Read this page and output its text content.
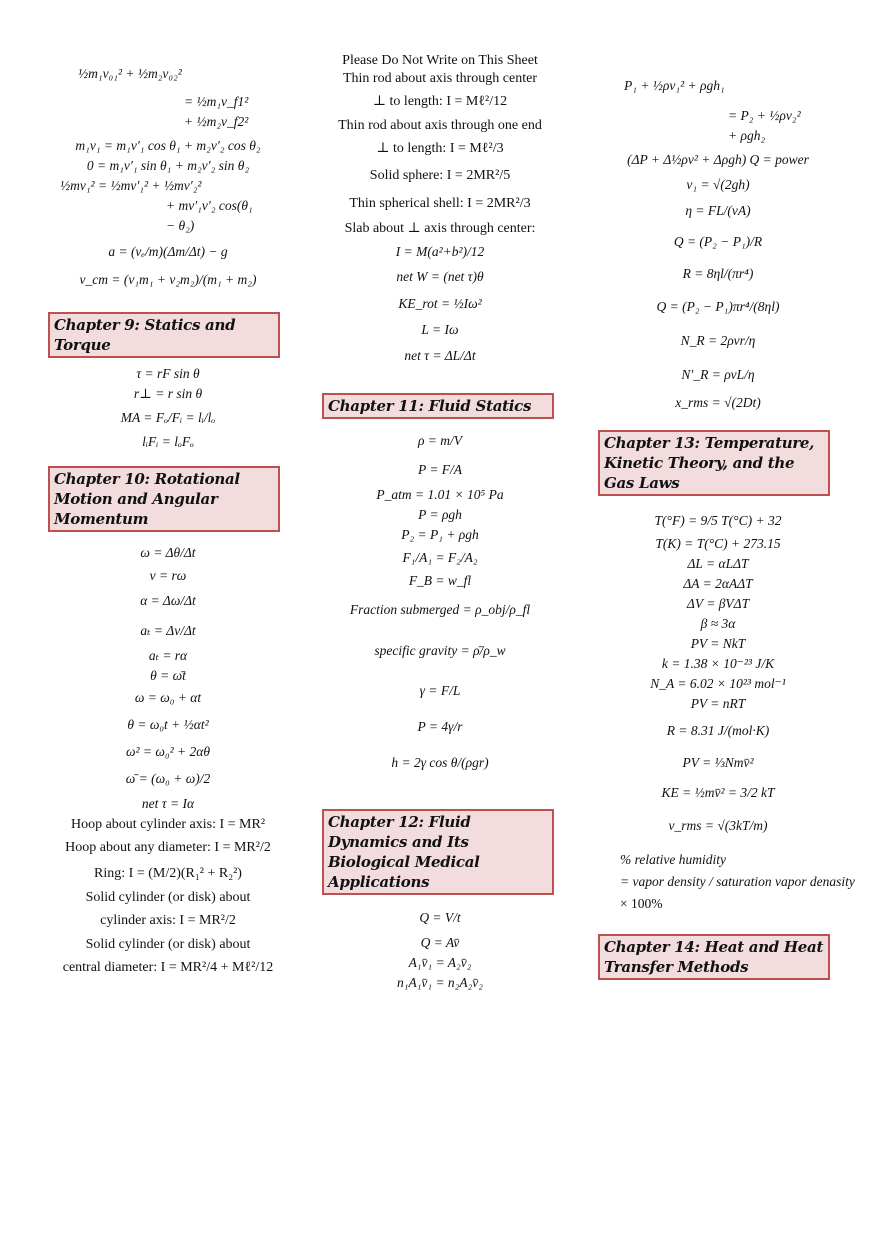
Please Do Not Write on This Sheet
½m₁v₀₁² + ½m₂v₀₂²
= ½m₁v_f1²
+ ½m₂v_f2²
m₁v₁ = m₁v′₁ cos θ₁ + m₂v′₂ cos θ₂
0 = m₁v′₁ sin θ₁ + m₂v′₂ sin θ₂
½mv₁² = ½mv′₁² + ½mv′₂²
+ mv′₁v′₂ cos(θ₁
− θ₂)
a = (vₑ/m)(Δm/Δt) − g
v_cm = (v₁m₁ + v₂m₂)/(m₁ + m₂)
Chapter 9: Statics and Torque
τ = rF sin θ
r⊥ = r sin θ
MA = Fₒ/Fᵢ = lᵢ/lₒ
lᵢFᵢ = lₒFₒ
Chapter 10: Rotational Motion and Angular Momentum
ω = Δθ/Δt
v = rω
α = Δω/Δt
aₜ = Δv/Δt
aₜ = rα
θ = ω̄t
ω = ω₀ + αt
θ = ω₀t + ½αt²
ω² = ω₀² + 2αθ
ω̄ = (ω₀ + ω)/2
net τ = Iα
Hoop about cylinder axis: I = MR²
Hoop about any diameter: I = MR²/2
Ring: I = (M/2)(R₁² + R₂²)
Solid cylinder (or disk) about
cylinder axis: I = MR²/2
Solid cylinder (or disk) about
central diameter: I = MR²/4 + Mℓ²/12
Thin rod about axis through center
⊥ to length: I = Mℓ²/12
Thin rod about axis through one end
⊥ to length: I = Mℓ²/3
Solid sphere: I = 2MR²/5
Thin spherical shell: I = 2MR²/3
Slab about ⊥ axis through center:
I = M(a²+b²)/12
net W = (net τ)θ
KE_rot = ½Iω²
L = Iω
net τ = ΔL/Δt
Chapter 11: Fluid Statics
ρ = m/V
P = F/A
P_atm = 1.01 × 10⁵ Pa
P = ρgh
P₂ = P₁ + ρgh
F₁/A₁ = F₂/A₂
F_B = w_fl
Fraction submerged = ρ_obj/ρ_fl
specific gravity = ρ̄/ρ_w
γ = F/L
P = 4γ/r
h = 2γ cos θ/(ρgr)
Chapter 12: Fluid Dynamics and Its Biological Medical Applications
Q = V/t
Q = Av̄
A₁v̄₁ = A₂v̄₂
n₁A₁v̄₁ = n₂A₂v̄₂
P₁ + ½ρv₁² + ρgh₁
= P₂ + ½ρv₂²
+ ρgh₂
(ΔP + Δ½ρv² + Δρgh) Q = power
v₁ = √(2gh)
η = FL/(vA)
Q = (P₂ − P₁)/R
R = 8ηl/(πr⁴)
Q = (P₂ − P₁)πr⁴/(8ηl)
N_R = 2ρvr/η
N′_R = ρvL/η
x_rms = √(2Dt)
Chapter 13: Temperature, Kinetic Theory, and the Gas Laws
T(°F) = 9/5 T(°C) + 32
T(K) = T(°C) + 273.15
ΔL = αLΔT
ΔA = 2αAΔT
ΔV = βVΔT
β ≈ 3α
PV = NkT
k = 1.38 × 10⁻²³ J/K
N_A = 6.02 × 10²³ mol⁻¹
PV = nRT
R = 8.31 J/(mol·K)
PV = ⅓Nmv̄²
KE = ½mv̄² = 3/2 kT
v_rms = √(3kT/m)
% relative humidity
= vapor density / saturation vapor denasity
× 100%
Chapter 14: Heat and Heat Transfer Methods
